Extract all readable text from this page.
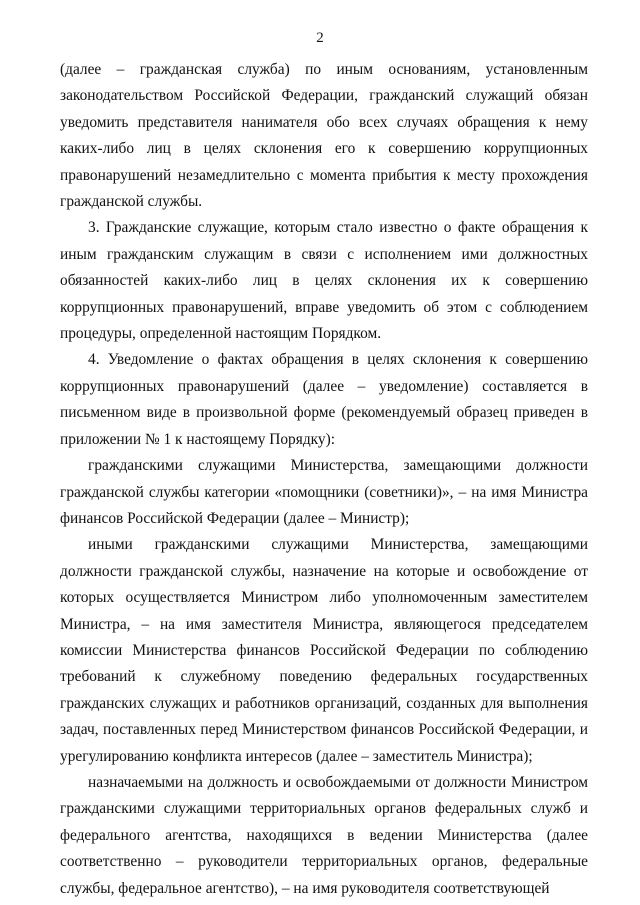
2

(далее – гражданская служба) по иным основаниям, установленным законодательством Российской Федерации, гражданский служащий обязан уведомить представителя нанимателя обо всех случаях обращения к нему каких-либо лиц в целях склонения его к совершению коррупционных правонарушений незамедлительно с момента прибытия к месту прохождения гражданской службы.

3. Гражданские служащие, которым стало известно о факте обращения к иным гражданским служащим в связи с исполнением ими должностных обязанностей каких-либо лиц в целях склонения их к совершению коррупционных правонарушений, вправе уведомить об этом с соблюдением процедуры, определенной настоящим Порядком.

4. Уведомление о фактах обращения в целях склонения к совершению коррупционных правонарушений (далее – уведомление) составляется в письменном виде в произвольной форме (рекомендуемый образец приведен в приложении № 1 к настоящему Порядку):

гражданскими служащими Министерства, замещающими должности гражданской службы категории «помощники (советники)», – на имя Министра финансов Российской Федерации (далее – Министр);

иными гражданскими служащими Министерства, замещающими должности гражданской службы, назначение на которые и освобождение от которых осуществляется Министром либо уполномоченным заместителем Министра, – на имя заместителя Министра, являющегося председателем комиссии Министерства финансов Российской Федерации по соблюдению требований к служебному поведению федеральных государственных гражданских служащих и работников организаций, созданных для выполнения задач, поставленных перед Министерством финансов Российской Федерации, и урегулированию конфликта интересов (далее – заместитель Министра);

назначаемыми на должность и освобождаемыми от должности Министром гражданскими служащими территориальных органов федеральных служб и федерального агентства, находящихся в ведении Министерства (далее соответственно – руководители территориальных органов, федеральные службы, федеральное агентство), – на имя руководителя соответствующей
